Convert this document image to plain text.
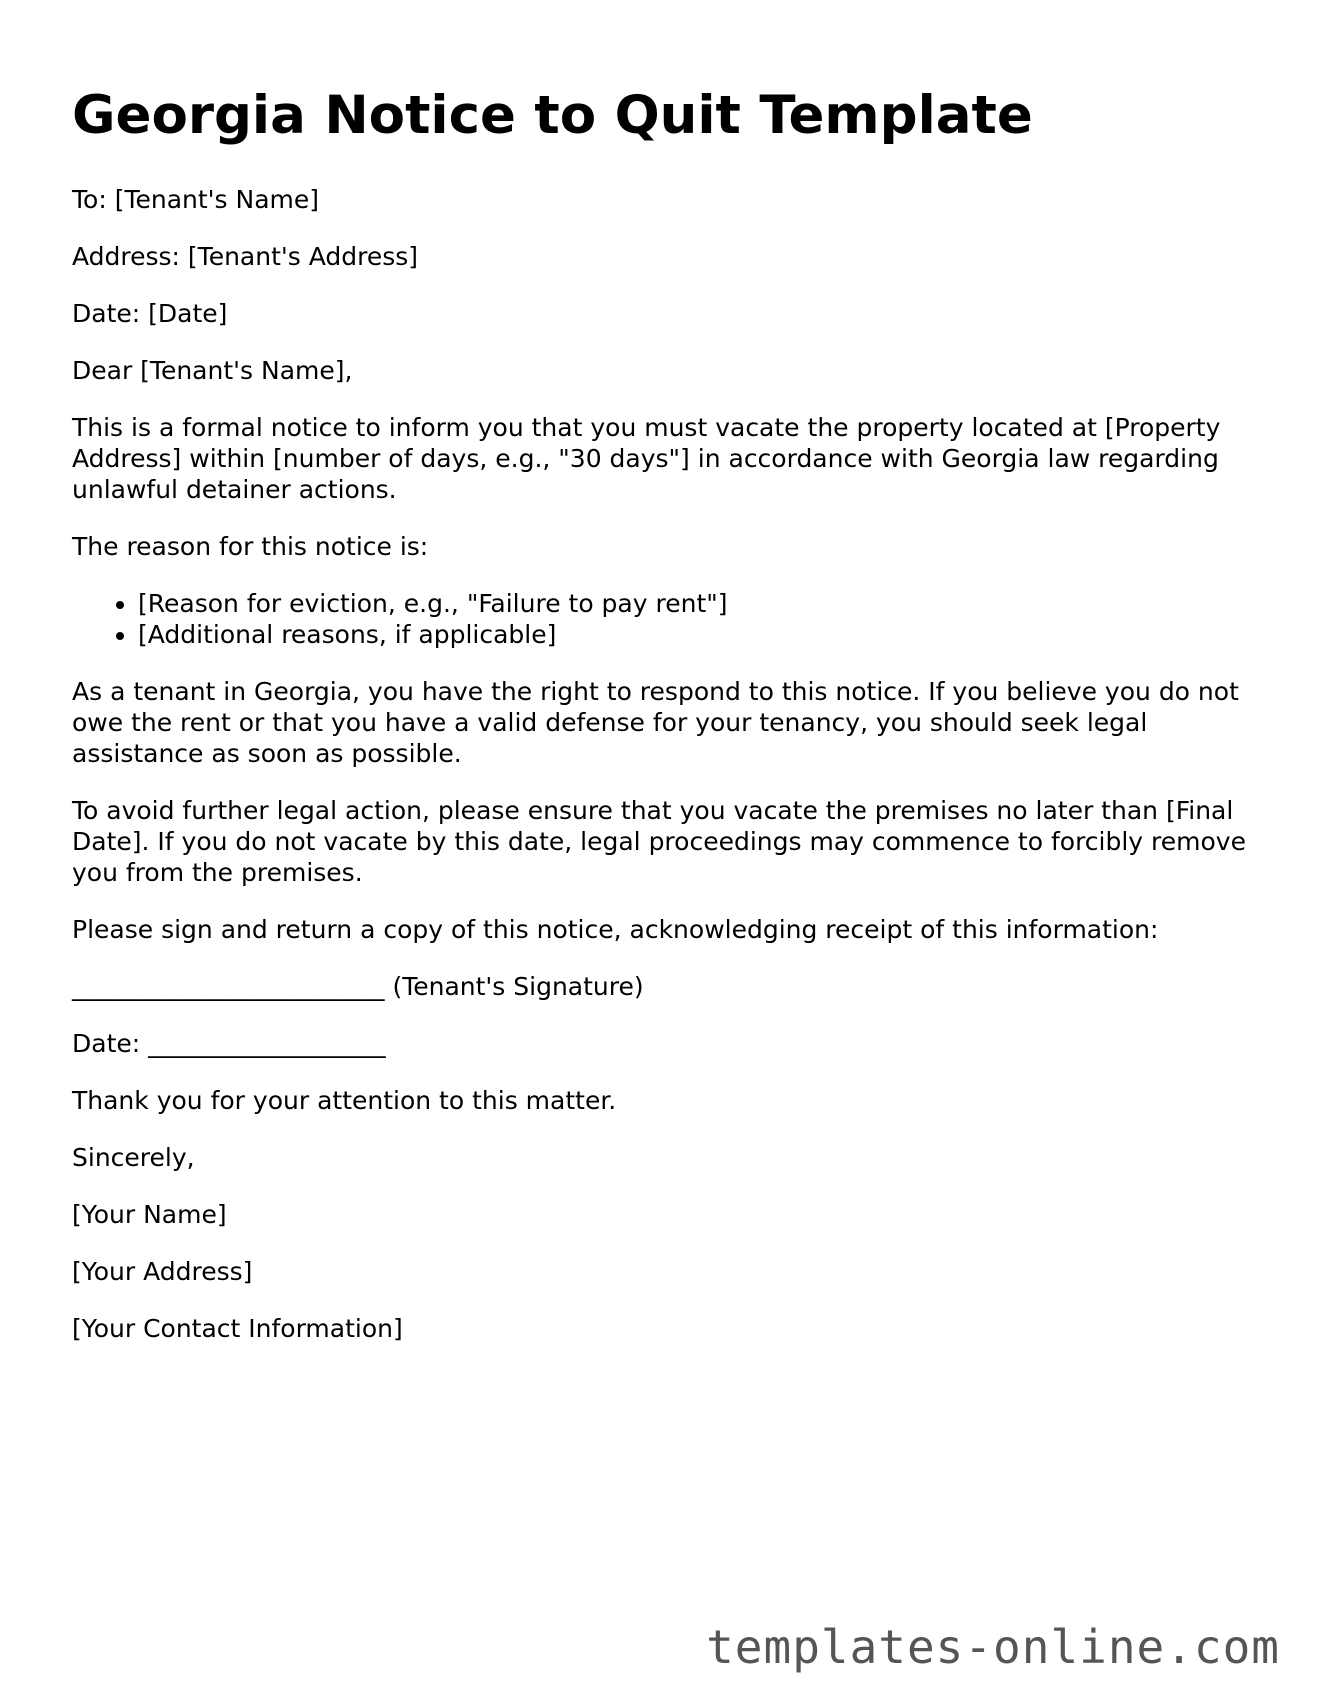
Georgia Notice to Quit Template

To: [Tenant's Name]

Address: [Tenant's Address]

Date: [Date]

Dear [Tenant's Name],

This is a formal notice to inform you that you must vacate the property located at [Property Address] within [number of days, e.g., "30 days"] in accordance with Georgia law regarding unlawful detainer actions.

The reason for this notice is:

• [Reason for eviction, e.g., "Failure to pay rent"]
• [Additional reasons, if applicable]

As a tenant in Georgia, you have the right to respond to this notice. If you believe you do not owe the rent or that you have a valid defense for your tenancy, you should seek legal assistance as soon as possible.

To avoid further legal action, please ensure that you vacate the premises no later than [Final Date]. If you do not vacate by this date, legal proceedings may commence to forcibly remove you from the premises.

Please sign and return a copy of this notice, acknowledging receipt of this information:

_________________________ (Tenant's Signature)

Date: ___________________

Thank you for your attention to this matter.

Sincerely,

[Your Name]

[Your Address]

[Your Contact Information]

templates-online.com
